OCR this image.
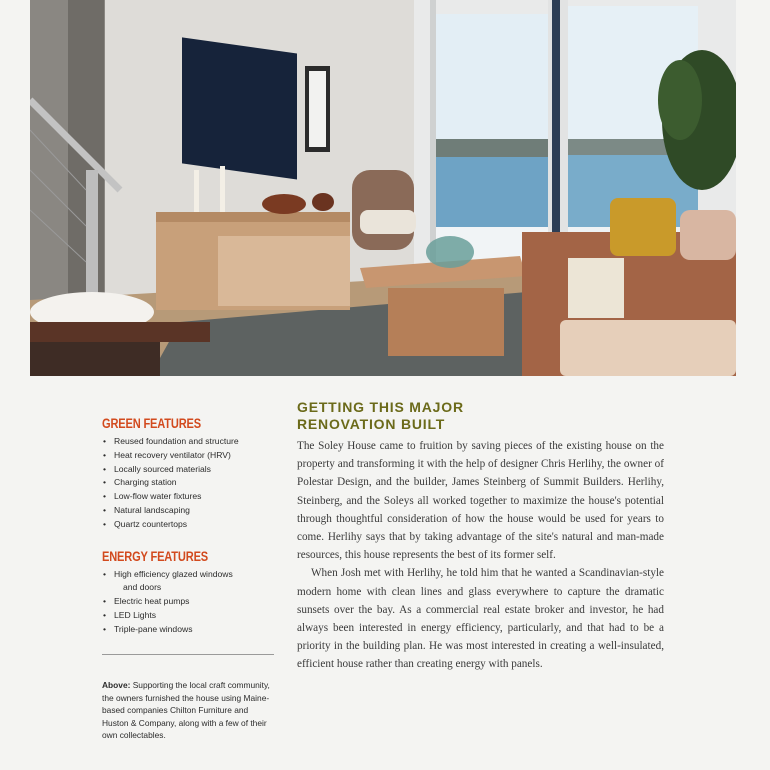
GREEN FEATURES
• Reused foundation and structure
• Heat recovery ventilator (HRV)
• Locally sourced materials
• Charging station
• Low-flow water fixtures
• Natural landscaping
• Quartz countertops
ENERGY FEATURES
• High efficiency glazed windows
and doors
• Electric heat pumps
• LED Lights
• Triple-pane windows
Above: Supporting the local craft community, the owners furnished the house using Maine-based companies Chilton Furniture and Huston & Company, along with a few of their own collectables.
GETTING THIS MAJOR
RENOVATION BUILT

The Soley House came to fruition by saving pieces of the existing house on the property and transforming it with the help of designer Chris Herlihy, the owner of Polestar Design, and the builder, James Steinberg of Summit Builders. Herlihy, Steinberg, and the Soleys all worked together to maximize the house's potential through thoughtful consideration of how the house would be used for years to come. Herlihy says that by taking advantage of the site's natural and man-made resources, this house represents the best of its former self.

When Josh met with Herlihy, he told him that he wanted a Scandinavian-style modern home with clean lines and glass everywhere to capture the dramatic sunsets over the bay. As a commercial real estate broker and investor, he had always been interested in energy efficiency, particularly, and that had to be a priority in the building plan. He was most interested in creating a well-insulated, efficient house rather than creating energy with panels.
